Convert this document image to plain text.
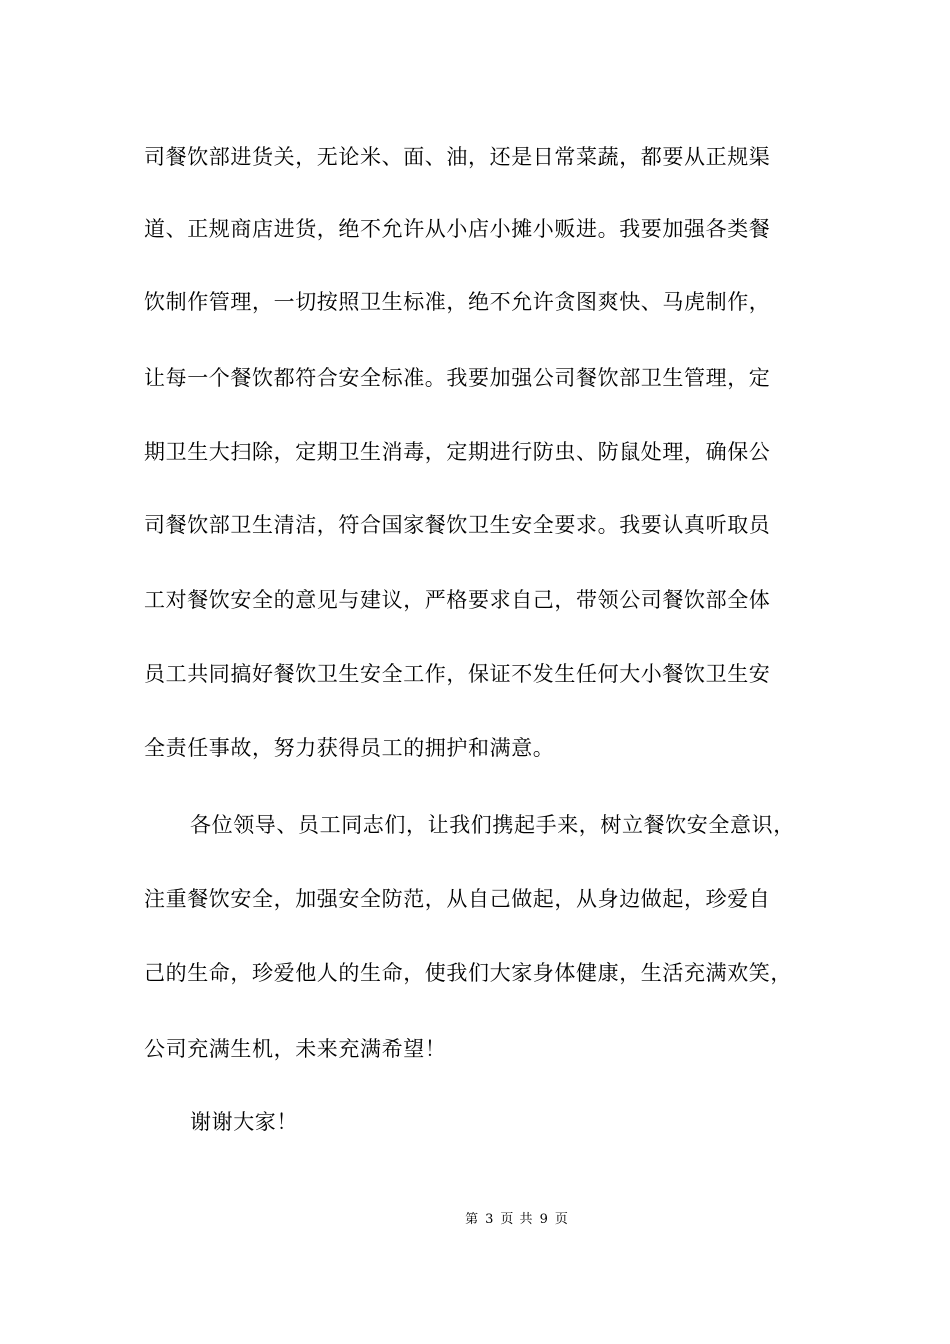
司餐饮部进货关，无论米、面、油，还是日常菜蔬，都要从正规渠
道、正规商店进货，绝不允许从小店小摊小贩进。我要加强各类餐
饮制作管理，一切按照卫生标准，绝不允许贪图爽快、马虎制作，
让每一个餐饮都符合安全标准。我要加强公司餐饮部卫生管理，定
期卫生大扫除，定期卫生消毒，定期进行防虫、防鼠处理，确保公
司餐饮部卫生清洁，符合国家餐饮卫生安全要求。我要认真听取员
工对餐饮安全的意见与建议，严格要求自己，带领公司餐饮部全体
员工共同搞好餐饮卫生安全工作，保证不发生任何大小餐饮卫生安
全责任事故，努力获得员工的拥护和满意。
各位领导、员工同志们，让我们携起手来，树立餐饮安全意识，
注重餐饮安全，加强安全防范，从自己做起，从身边做起，珍爱自
己的生命，珍爱他人的生命，使我们大家身体健康，生活充满欢笑，
公司充满生机，未来充满希望！
谢谢大家！
第 3 页 共 9 页
